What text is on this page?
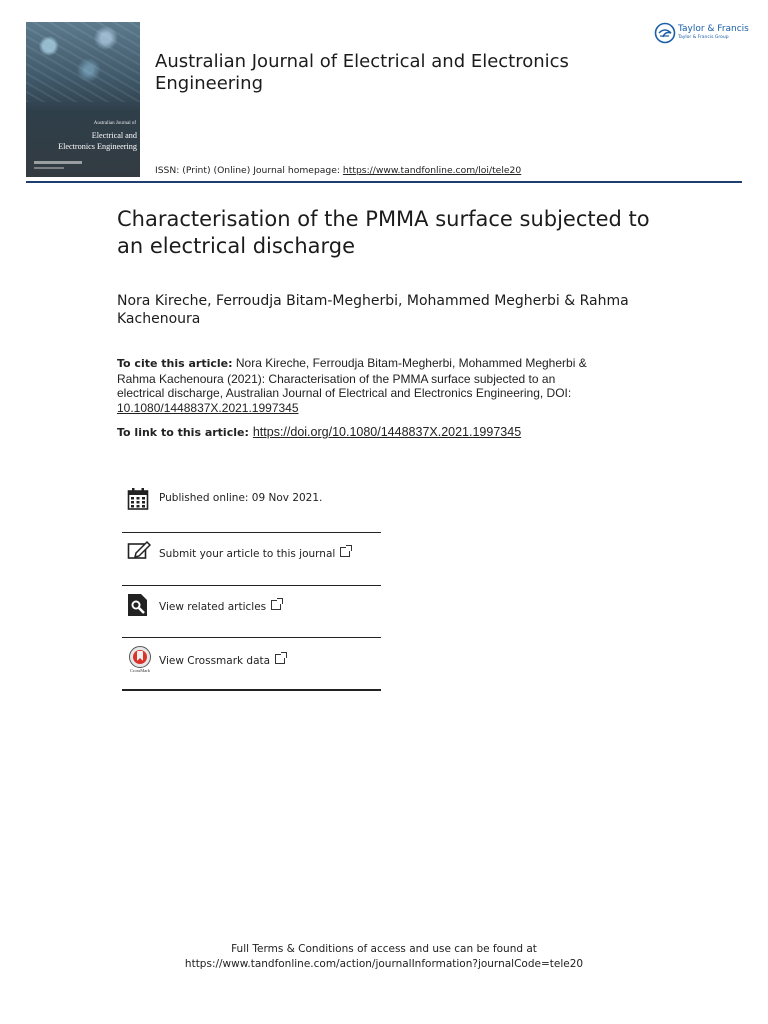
Australian Journal of
Electrical and
Electronics Engineering
Australian Journal of Electrical and Electronics Engineering
ISSN: (Print) (Online) Journal homepage: https://www.tandfonline.com/loi/tele20
Taylor & Francis
Taylor & Francis Group
Characterisation of the PMMA surface subjected to an electrical discharge
Nora Kireche, Ferroudja Bitam-Megherbi, Mohammed Megherbi & Rahma Kachenoura
To cite this article: Nora Kireche, Ferroudja Bitam-Megherbi, Mohammed Megherbi & Rahma Kachenoura (2021): Characterisation of the PMMA surface subjected to an electrical discharge, Australian Journal of Electrical and Electronics Engineering, DOI: 10.1080/1448837X.2021.1997345
To link to this article: https://doi.org/10.1080/1448837X.2021.1997345
Published online: 09 Nov 2021.
Submit your article to this journal
View related articles
CrossMark
View Crossmark data
Full Terms & Conditions of access and use can be found at
https://www.tandfonline.com/action/journalInformation?journalCode=tele20
